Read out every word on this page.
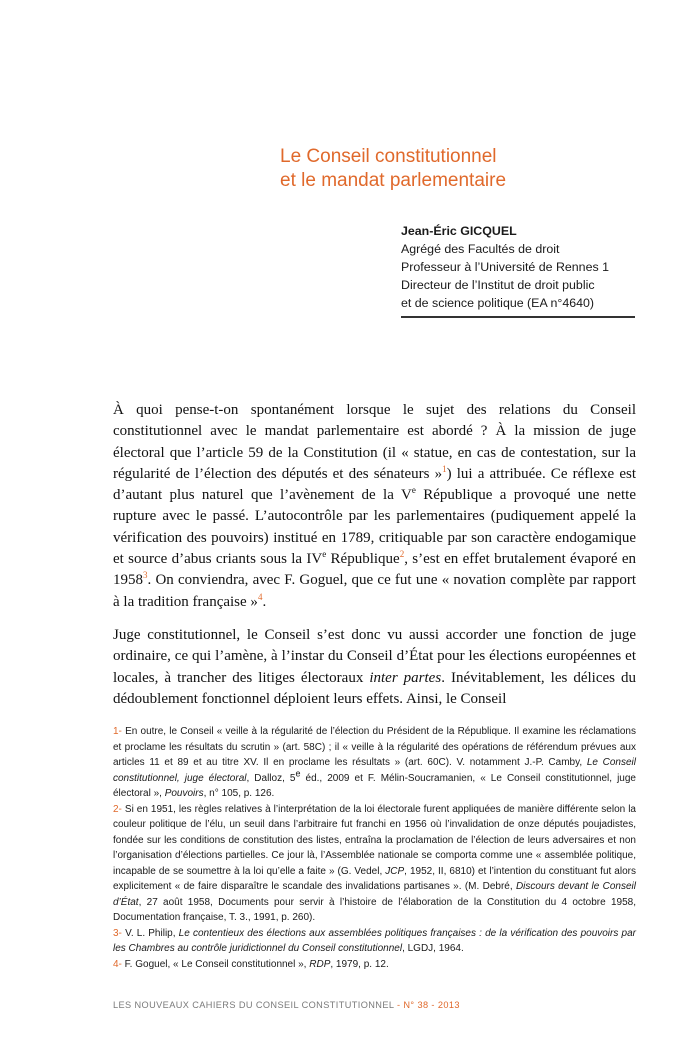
Le Conseil constitutionnel
et le mandat parlementaire
Jean-Éric GICQUEL
Agrégé des Facultés de droit
Professeur à l’Université de Rennes 1
Directeur de l’Institut de droit public
et de science politique (EA n°4640)

À quoi pense-t-on spontanément lorsque le sujet des relations du Conseil constitutionnel avec le mandat parlementaire est abordé ? À la mission de juge électoral que l’article 59 de la Constitution (il « statue, en cas de contestation, sur la régularité de l’élection des députés et des sénateurs »$^1$) lui a attribuée. Ce réflexe est d’autant plus naturel que l’avènement de la Ve République a provoqué une nette rupture avec le passé. L’autocontrôle par les parlementaires (pudiquement appelé la vérification des pouvoirs) institué en 1789, critiquable par son caractère endogamique et source d’abus criants sous la IVe République$^2$, s’est en effet brutalement évaporé en 1958$^3$. On conviendra, avec F. Goguel, que ce fut une « novation complète par rapport à la tradition française »$^4$.

Juge constitutionnel, le Conseil s’est donc vu aussi accorder une fonction de juge ordinaire, ce qui l’amène, à l’instar du Conseil d’État pour les élections européennes et locales, à trancher des litiges électoraux inter partes. Inévitablement, les délices du dédoublement fonctionnel déploient leurs effets. Ainsi, le Conseil

1- En outre, le Conseil « veille à la régularité de l’élection du Président de la République. Il examine les réclamations et proclame les résultats du scrutin » (art. 58C) ; il « veille à la régularité des opérations de référendum prévues aux articles 11 et 89 et au titre XV. Il en proclame les résultats » (art. 60C). V. notamment J.-P. Camby, Le Conseil constitutionnel, juge électoral, Dalloz, 5e éd., 2009 et F. Mélin-Soucramanien, « Le Conseil constitutionnel, juge électoral », Pouvoirs, n° 105, p. 126.

2- Si en 1951, les règles relatives à l’interprétation de la loi électorale furent appliquées de manière différente selon la couleur politique de l’élu, un seuil dans l’arbitraire fut franchi en 1956 où l’invalidation de onze députés poujadistes, fondée sur les conditions de constitution des listes, entraîna la proclamation de l’élection de leurs adversaires et non l’organisation d’élections partielles. Ce jour là, l’Assemblée nationale se comporta comme une « assemblée politique, incapable de se soumettre à la loi qu’elle a faite » (G. Vedel, JCP, 1952, II, 6810) et l’intention du constituant fut alors explicitement « de faire disparaître le scandale des invalidations partisanes ». (M. Debré, Discours devant le Conseil d’État, 27 août 1958, Documents pour servir à l’histoire de l’élaboration de la Constitution du 4 octobre 1958, Documentation française, T. 3., 1991, p. 260).

3- V. L. Philip, Le contentieux des élections aux assemblées politiques françaises : de la vérification des pouvoirs par les Chambres au contrôle juridictionnel du Conseil constitutionnel, LGDJ, 1964.

4- F. Goguel, « Le Conseil constitutionnel », RDP, 1979, p. 12.

LES NOUVEAUX CAHIERS DU CONSEIL CONSTITUTIONNEL - N° 38 - 2013
